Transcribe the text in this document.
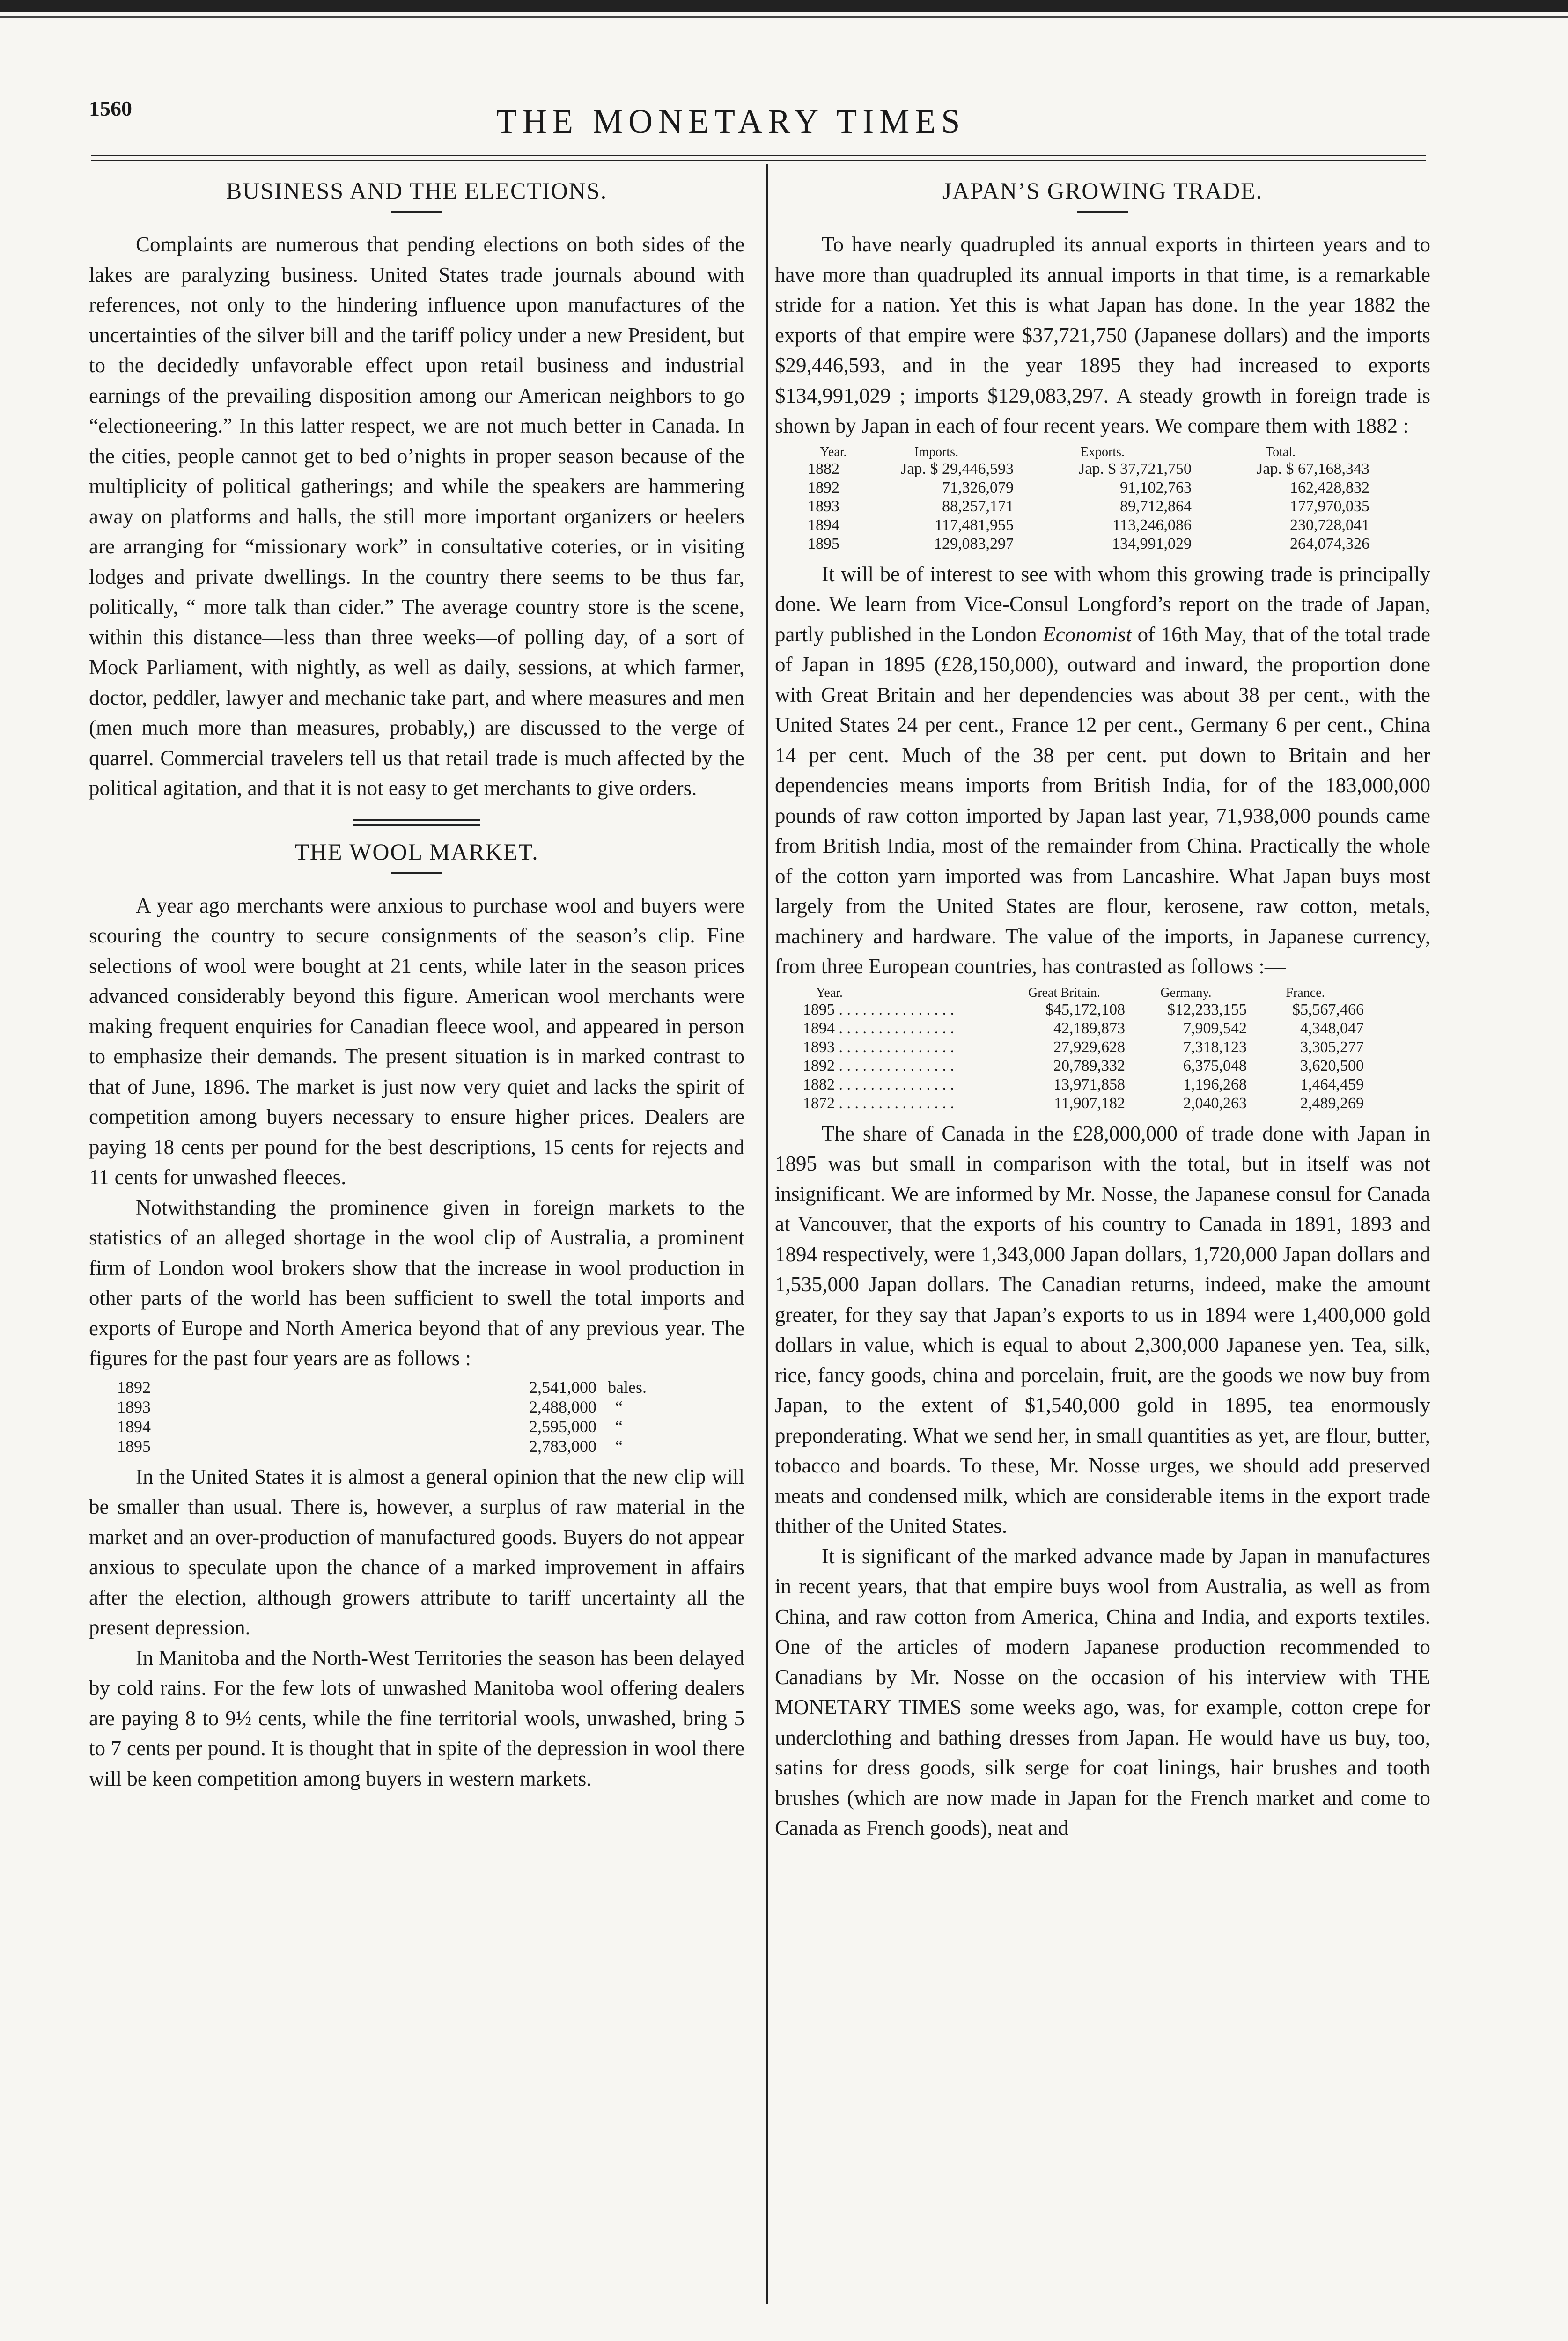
1560	THE MONETARY TIMES
BUSINESS AND THE ELECTIONS.

Complaints are numerous that pending elections on both sides of the lakes are paralyzing business. United States trade journals abound with references, not only to the hindering influence upon manufactures of the uncertainties of the silver bill and the tariff policy under a new President, but to the decidedly unfavorable effect upon retail business and industrial earnings of the prevailing disposition among our American neighbors to go “electioneering.” In this latter respect, we are not much better in Canada. In the cities, people cannot get to bed o’nights in proper season because of the multiplicity of political gatherings; and while the speakers are hammering away on platforms and halls, the still more important organizers or heelers are arranging for “missionary work” in consultative coteries, or in visiting lodges and private dwellings. In the country there seems to be thus far, politically, “ more talk than cider.” The average country store is the scene, within this distance—less than three weeks—of polling day, of a sort of Mock Parliament, with nightly, as well as daily, sessions, at which farmer, doctor, peddler, lawyer and mechanic take part, and where measures and men (men much more than measures, probably,) are discussed to the verge of quarrel. Commercial travelers tell us that retail trade is much affected by the political agitation, and that it is not easy to get merchants to give orders.

THE WOOL MARKET.

A year ago merchants were anxious to purchase wool and buyers were scouring the country to secure consignments of the season’s clip. Fine selections of wool were bought at 21 cents, while later in the season prices advanced considerably beyond this figure. American wool merchants were making frequent enquiries for Canadian fleece wool, and appeared in person to emphasize their demands. The present situation is in marked contrast to that of June, 1896. The market is just now very quiet and lacks the spirit of competition among buyers necessary to ensure higher prices. Dealers are paying 18 cents per pound for the best descriptions, 15 cents for rejects and 11 cents for unwashed fleeces.

Notwithstanding the prominence given in foreign markets to the statistics of an alleged shortage in the wool clip of Australia, a prominent firm of London wool brokers show that the increase in wool production in other parts of the world has been sufficient to swell the total imports and exports of Europe and North America beyond that of any previous year. The figures for the past four years are as follows :

1892	2,541,000	bales.
1893	2,488,000	“
1894	2,595,000	“
1895	2,783,000	“

In the United States it is almost a general opinion that the new clip will be smaller than usual. There is, however, a surplus of raw material in the market and an over-production of manufactured goods. Buyers do not appear anxious to speculate upon the chance of a marked improvement in affairs after the election, although growers attribute to tariff uncertainty all the present depression.

In Manitoba and the North-West Territories the season has been delayed by cold rains. For the few lots of unwashed Manitoba wool offering dealers are paying 8 to 9½ cents, while the fine territorial wools, unwashed, bring 5 to 7 cents per pound. It is thought that in spite of the depression in wool there will be keen competition among buyers in western markets.

JAPAN’S GROWING TRADE.

To have nearly quadrupled its annual exports in thirteen years and to have more than quadrupled its annual imports in that time, is a remarkable stride for a nation. Yet this is what Japan has done. In the year 1882 the exports of that empire were $37,721,750 (Japanese dollars) and the imports $29,446,593, and in the year 1895 they had increased to exports $134,991,029 ; imports $129,083,297. A steady growth in foreign trade is shown by Japan in each of four recent years. We compare them with 1882 :

Year.	Imports.	Exports.	Total.
1882	Jap. $ 29,446,593	Jap. $ 37,721,750	Jap. $ 67,168,343
1892	71,326,079	91,102,763	162,428,832
1893	88,257,171	89,712,864	177,970,035
1894	117,481,955	113,246,086	230,728,041
1895	129,083,297	134,991,029	264,074,326

It will be of interest to see with whom this growing trade is principally done. We learn from Vice-Consul Longford’s report on the trade of Japan, partly published in the London Economist of 16th May, that of the total trade of Japan in 1895 (£28,150,000), outward and inward, the proportion done with Great Britain and her dependencies was about 38 per cent., with the United States 24 per cent., France 12 per cent., Germany 6 per cent., China 14 per cent. Much of the 38 per cent. put down to Britain and her dependencies means imports from British India, for of the 183,000,000 pounds of raw cotton imported by Japan last year, 71,938,000 pounds came from British India, most of the remainder from China. Practically the whole of the cotton yarn imported was from Lancashire. What Japan buys most largely from the United States are flour, kerosene, raw cotton, metals, machinery and hardware. The value of the imports, in Japanese currency, from three European countries, has contrasted as follows :—

Year.	Great Britain.	Germany.	France.
1895 . . . . . . . . . . . . . . .	$45,172,108	$12,233,155	$5,567,466
1894 . . . . . . . . . . . . . . .	42,189,873	7,909,542	4,348,047
1893 . . . . . . . . . . . . . . .	27,929,628	7,318,123	3,305,277
1892 . . . . . . . . . . . . . . .	20,789,332	6,375,048	3,620,500
1882 . . . . . . . . . . . . . . .	13,971,858	1,196,268	1,464,459
1872 . . . . . . . . . . . . . . .	11,907,182	2,040,263	2,489,269

The share of Canada in the £28,000,000 of trade done with Japan in 1895 was but small in comparison with the total, but in itself was not insignificant. We are informed by Mr. Nosse, the Japanese consul for Canada at Vancouver, that the exports of his country to Canada in 1891, 1893 and 1894 respectively, were 1,343,000 Japan dollars, 1,720,000 Japan dollars and 1,535,000 Japan dollars. The Canadian returns, indeed, make the amount greater, for they say that Japan’s exports to us in 1894 were 1,400,000 gold dollars in value, which is equal to about 2,300,000 Japanese yen. Tea, silk, rice, fancy goods, china and porcelain, fruit, are the goods we now buy from Japan, to the extent of $1,540,000 gold in 1895, tea enormously preponderating. What we send her, in small quantities as yet, are flour, butter, tobacco and boards. To these, Mr. Nosse urges, we should add preserved meats and condensed milk, which are considerable items in the export trade thither of the United States.

It is significant of the marked advance made by Japan in manufactures in recent years, that that empire buys wool from Australia, as well as from China, and raw cotton from America, China and India, and exports textiles. One of the articles of modern Japanese production recommended to Canadians by Mr. Nosse on the occasion of his interview with THE MONETARY TIMES some weeks ago, was, for example, cotton crepe for underclothing and bathing dresses from Japan. He would have us buy, too, satins for dress goods, silk serge for coat linings, hair brushes and tooth brushes (which are now made in Japan for the French market and come to Canada as French goods), neat and
